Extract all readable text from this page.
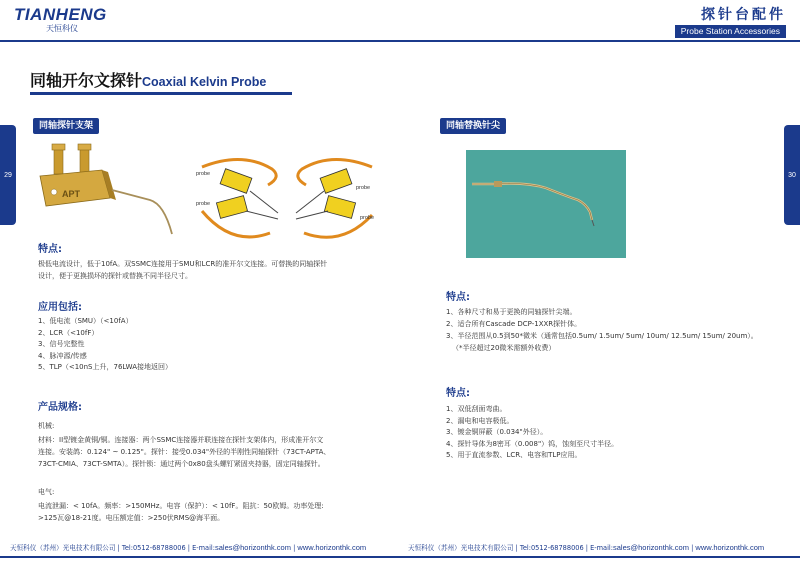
TIANHENG
天恒科仪
探针台配件
Probe Station Accessories
同轴开尔文探针Coaxial Kelvin Probe
29	30
同轴探针支架
APT
probe
probe
probe
probe
特点:
极低电流设计，低于10fA。双SSMC连接用于SMU和LCR的准开尔文连接。可替换的同轴探针
设计，便于更换损坏的探针或替换不同半径尺寸。
应用包括:
1、低电流（SMU）（<10fA）
2、LCR（<10fF）
3、信号完整性
4、脉冲源/传感
5、TLP（<10nS上升，76LWA接地返回）
产品规格:
机械:
材料：II型镀金黄铜/铜。连接器：两个SSMC连接器并联连接在探针支架体内，形成准开尔文
连接。安装鸽：0.124" ~ 0.125"。探针：接受0.034"外径的半刚性同轴探针（73CT-APTA、
73CT-CMIA、73CT-SMTA）。探针锁：通过两个0x80盘头螺钉紧固夹持器，固定同轴探针。
电气:
电流泄漏：< 10fA。频率：>150MHz。电容（保护）：< 10fF。阻抗：50欧姆。功率处理:
>125瓦@18-21度。电压额定值：>250伏RMS@海平面。
同轴替换针尖
特点:
1、各种尺寸和易于更换的同轴探针尖端。
2、适合所有Cascade DCP-1XXR探针体。
3、半径范围从0.5到50*微米（通常包括0.5um/ 1.5um/ 5um/ 10um/ 12.5um/ 15um/ 20um）。
（*半径超过20微米需额外收费）
特点:
1、双低刮面弯曲。
2、漏电和电容极低。
3、镀金铜屏蔽（0.034"外径）。
4、探针导体为8密耳（0.008"）钨，蚀刻至尺寸半径。
5、用于直流参数、LCR、电容和TLP应用。
天恒科仪（苏州）光电技术有限公司 | Tel:0512-68788006 | E-mail:sales@horizonthk.com | www.horizonthk.com	天恒科仪（苏州）光电技术有限公司 | Tel:0512-68788006 | E-mail:sales@horizonthk.com | www.horizonthk.com
